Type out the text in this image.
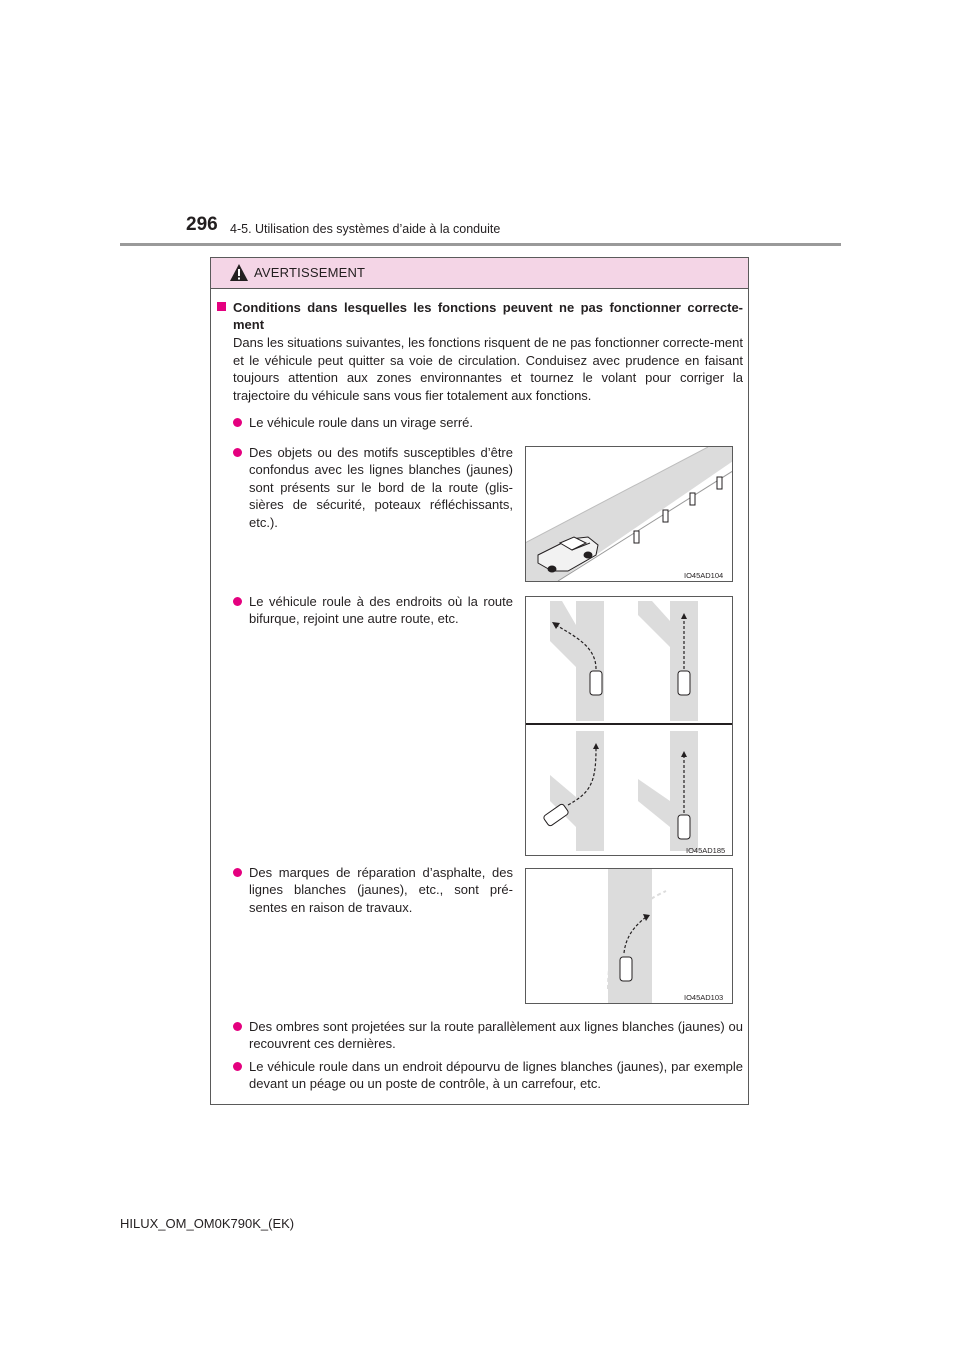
296 4-5. Utilisation des systèmes d’aide à la conduite
AVERTISSEMENT
Conditions dans lesquelles les fonctions peuvent ne pas fonctionner correcte-ment
Dans les situations suivantes, les fonctions risquent de ne pas fonctionner correcte-ment et le véhicule peut quitter sa voie de circulation. Conduisez avec prudence en faisant toujours attention aux zones environnantes et tournez le volant pour corriger la trajectoire du véhicule sans vous fier totalement aux fonctions.
Le véhicule roule dans un virage serré.
Des objets ou des motifs susceptibles d’être confondus avec les lignes blanches (jaunes) sont présents sur le bord de la route (glis-sières de sécurité, poteaux réfléchissants, etc.).
Le véhicule roule à des endroits où la route bifurque, rejoint une autre route, etc.
Des marques de réparation d’asphalte, des lignes blanches (jaunes), etc., sont pré-sentes en raison de travaux.
Des ombres sont projetées sur la route parallèlement aux lignes blanches (jaunes) ou recouvrent ces dernières.
Le véhicule roule dans un endroit dépourvu de lignes blanches (jaunes), par exemple devant un péage ou un poste de contrôle, à un carrefour, etc.
IO45AD104
IO45AD185
IO45AD103
HILUX_OM_OM0K790K_(EK)
